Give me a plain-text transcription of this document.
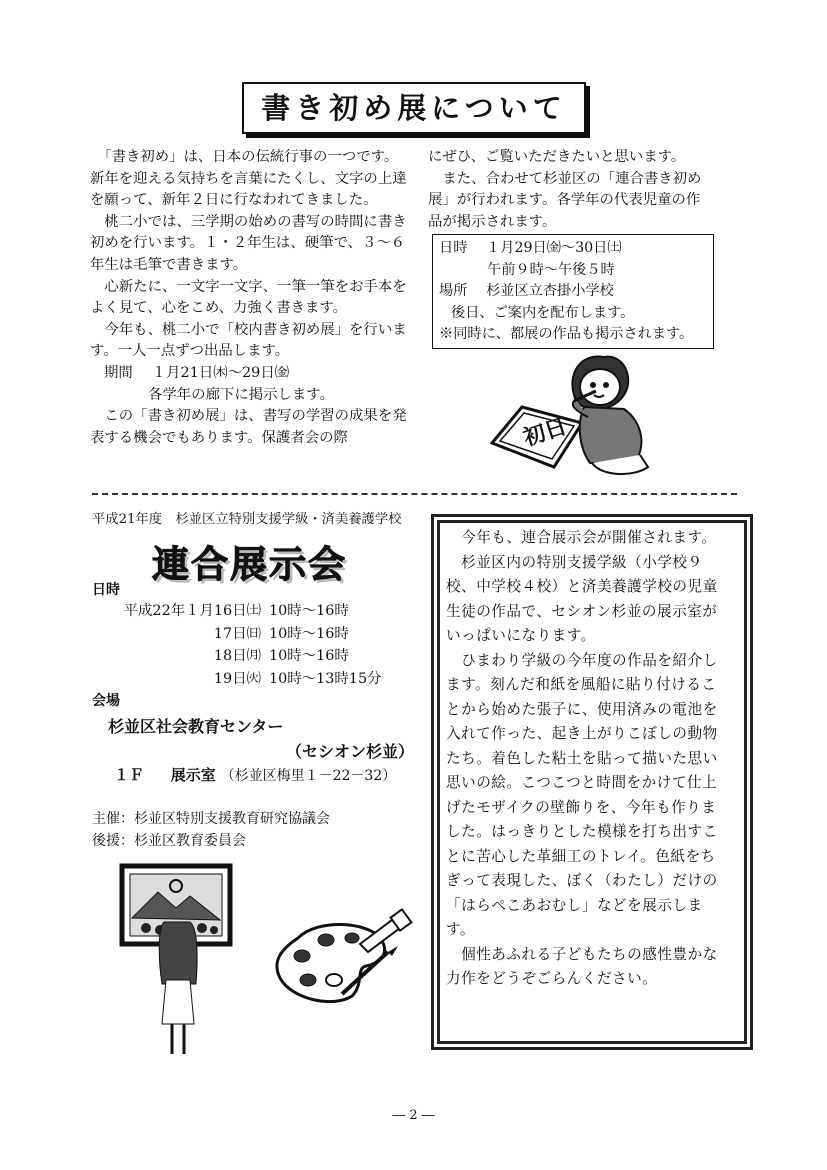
書き初め展について

　「書き初め」は、日本の伝統行事の一つです。新年を迎える気持ちを言葉にたくし、文字の上達を願って、新年２日に行なわれてきました。

　桃二小では、三学期の始めの書写の時間に書き初めを行います。１・２年生は、硬筆で、３～６年生は毛筆で書きます。

　心新たに、一文字一文字、一筆一筆をお手本をよく見て、心をこめ、力強く書きます。

　今年も、桃二小で「校内書き初め展」を行います。一人一点ずつ出品します。

期間　 １月21日㈭～29日㈮

各学年の廊下に掲示します。

　この「書き初め展」は、書写の学習の成果を発表する機会でもあります。保護者会の際

にぜひ、ご覧いただきたいと思います。

　また、合わせて杉並区の「連合書き初め展」が行われます。各学年の代表児童の作品が掲示されます。

日時　 １月29日㈮～30日㈯
午前９時～午後５時
場所　 杉並区立杏掛小学校
後日、ご案内を配布します。
※同時に、都展の作品も掲示されます。
初日
平成21年度　杉並区立特別支援学級・済美養護学校
連合展示会
日時
平成22年１月16日㈯ 10時～16時
17日㈰ 10時～16時
18日㈪ 10時～16時
19日㈫ 10時～13時15分
会場
杉並区社会教育センター
（セシオン杉並）
１Ｆ 展示室 （杉並区梅里１－22－32）
主催：杉並区特別支援教育研究協議会
後援：杉並区教育委員会

　今年も、連合展示会が開催されます。

　杉並区内の特別支援学級（小学校９校、中学校４校）と済美養護学校の児童生徒の作品で、セシオン杉並の展示室がいっぱいになります。

　ひまわり学級の今年度の作品を紹介します。刻んだ和紙を風船に貼り付けることから始めた張子に、使用済みの電池を入れて作った、起き上がりこぼしの動物たち。着色した粘土を貼って描いた思い思いの絵。こつこつと時間をかけて仕上げたモザイクの壁飾りを、今年も作りました。はっきりとした模様を打ち出すことに苦心した革細工のトレイ。色紙をちぎって表現した、ぼく（わたし）だけの「はらぺこあおむし」などを展示します。

　個性あふれる子どもたちの感性豊かな力作をどうぞごらんください。

― 2 ―
